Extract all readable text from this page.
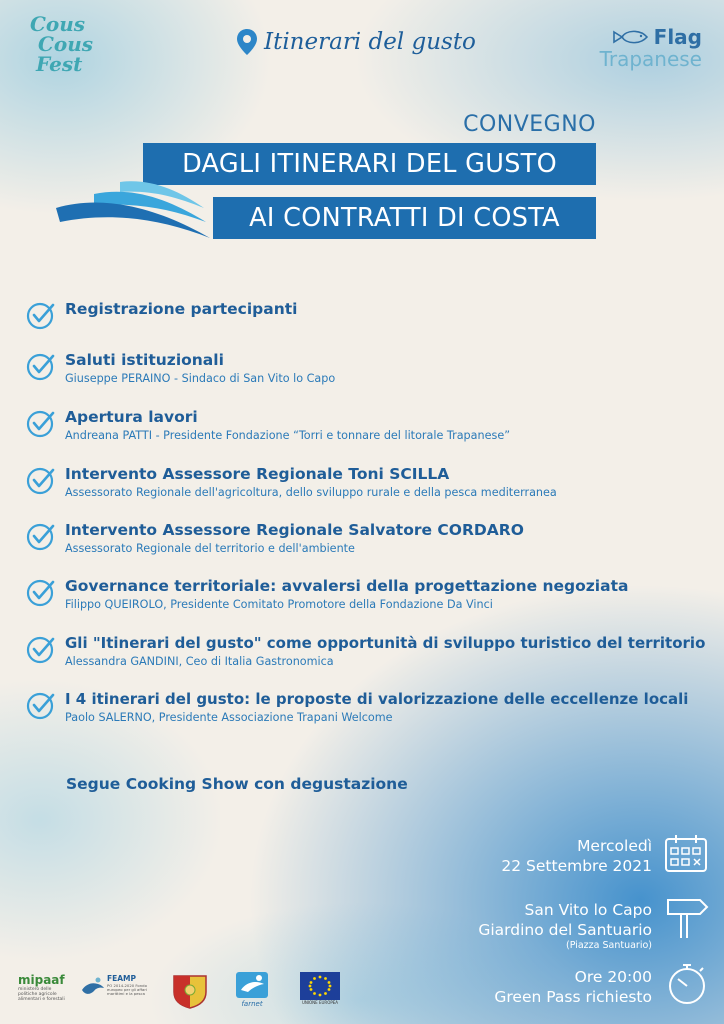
Cous
Cous
Fest
Itinerari del gusto	Flag
Trapanese
CONVEGNO
DAGLI ITINERARI DEL GUSTO
AI CONTRATTI DI COSTA
Registrazione partecipanti
Saluti istituzionali
Giuseppe PERAINO - Sindaco di San Vito lo Capo
Apertura lavori
Andreana PATTI - Presidente Fondazione “Torri e tonnare del litorale Trapanese”
Intervento Assessore Regionale Toni SCILLA
Assessorato Regionale dell'agricoltura, dello sviluppo rurale e della pesca mediterranea
Intervento Assessore Regionale Salvatore CORDARO
Assessorato Regionale del territorio e dell'ambiente
Governance territoriale: avvalersi della progettazione negoziata
Filippo QUEIROLO, Presidente Comitato Promotore della Fondazione Da Vinci
Gli "Itinerari del gusto" come opportunità di sviluppo turistico del territorio
Alessandra GANDINI, Ceo di Italia Gastronomica
I 4 itinerari del gusto: le proposte di valorizzazione delle eccellenze locali
Paolo SALERNO, Presidente Associazione Trapani Welcome
Segue Cooking Show con degustazione
Mercoledì
22 Settembre 2021
San Vito lo Capo
Giardino del Santuario
(Piazza Santuario)
Ore 20:00
Green Pass richiesto
mipaaf
ministero delle politiche agricole alimentari e forestali
FEAMP
PO 2014-2020 Fondo europeo per gli affari marittimi e la pesca
farnet	UNIONE EUROPEA
